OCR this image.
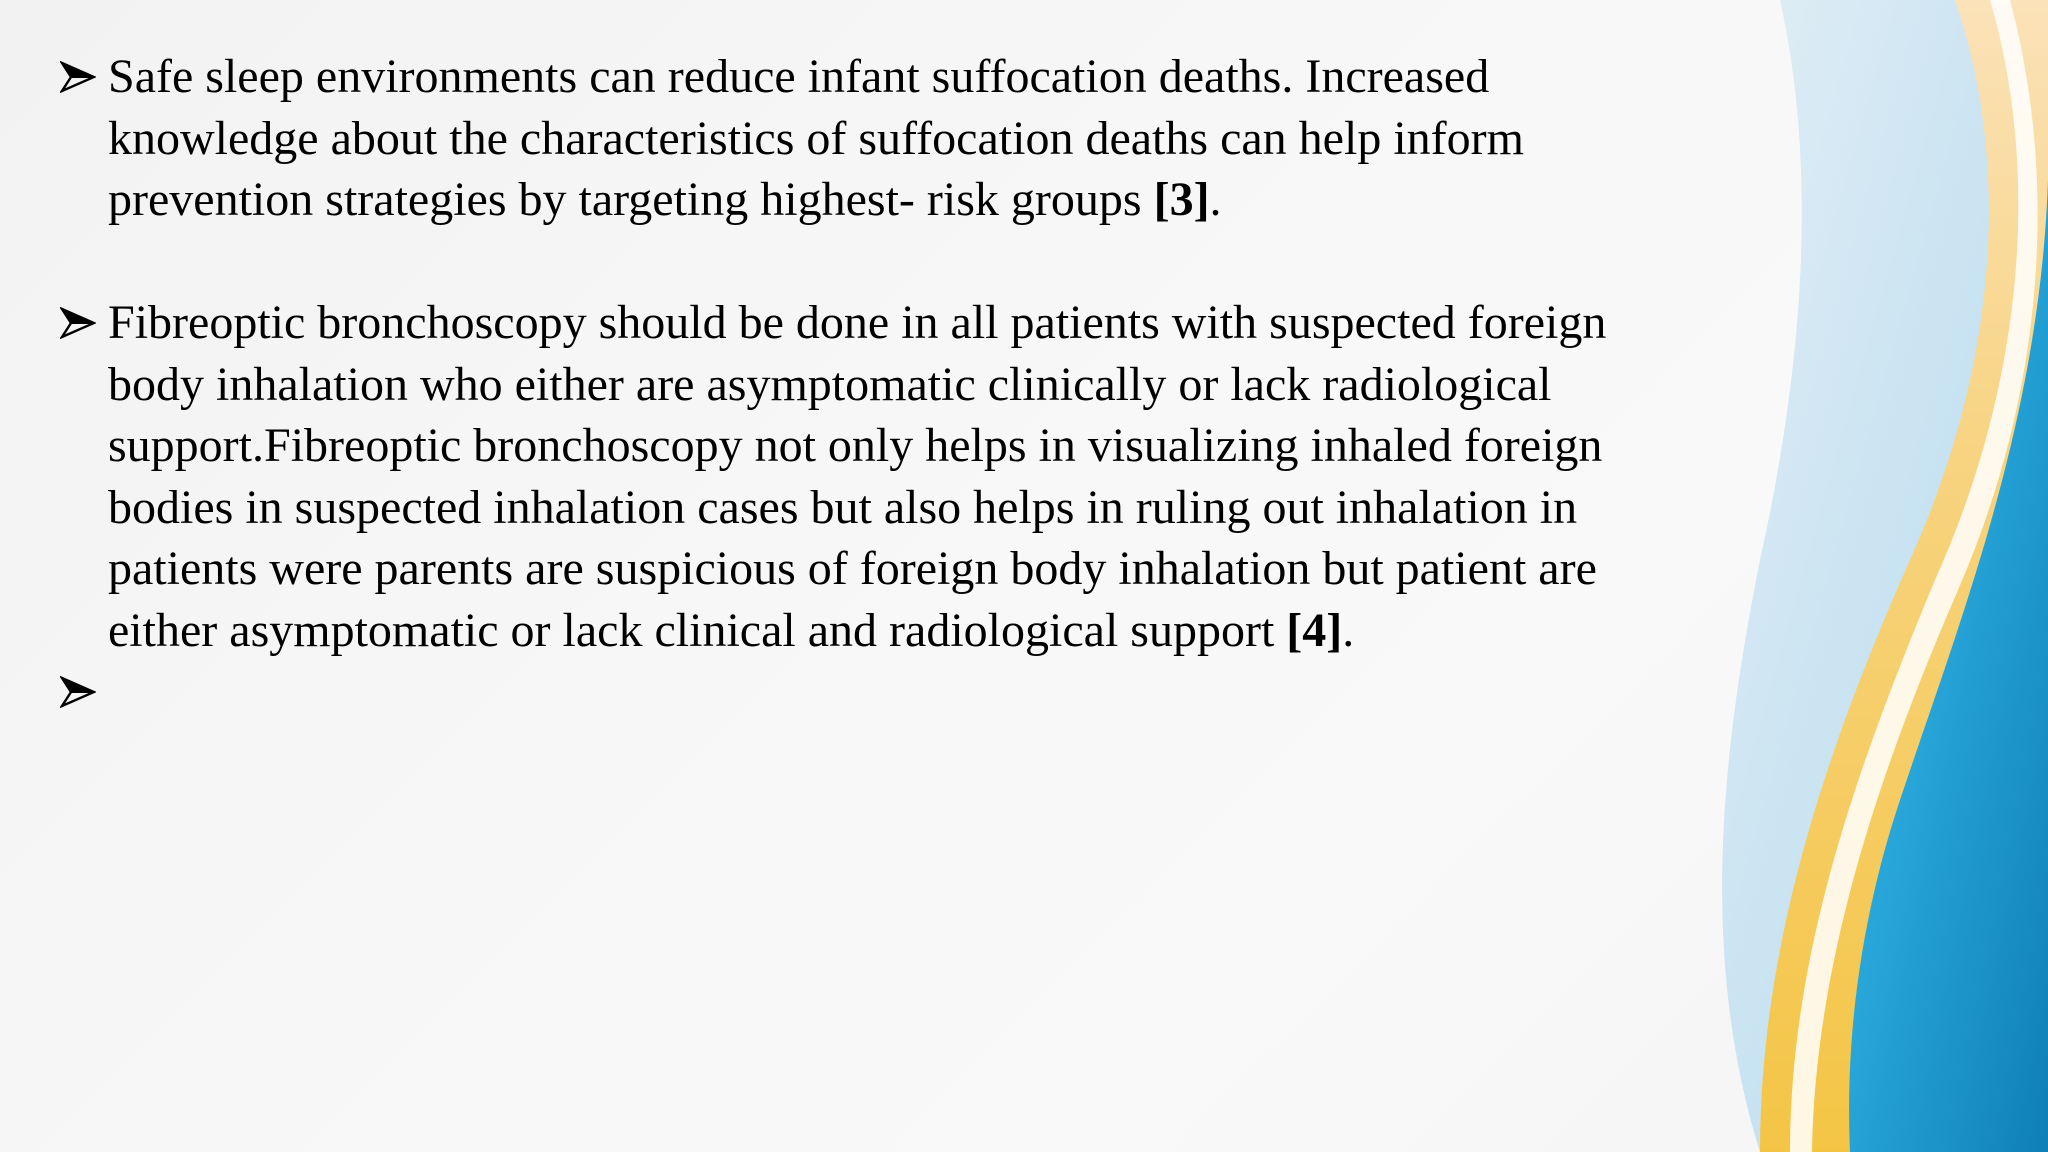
Safe sleep environments can reduce infant suffocation deaths. Increased knowledge about the characteristics of suffocation deaths can help inform prevention strategies by targeting highest- risk groups [3].

Fibreoptic bronchoscopy should be done in all patients with suspected foreign body inhalation who either are asymptomatic clinically or lack radiological support.Fibreoptic bronchoscopy not only helps in visualizing inhaled foreign bodies in suspected inhalation cases but also helps in ruling out inhalation in patients were parents are suspicious of foreign body inhalation but patient are either asymptomatic or lack clinical and radiological support [4].
